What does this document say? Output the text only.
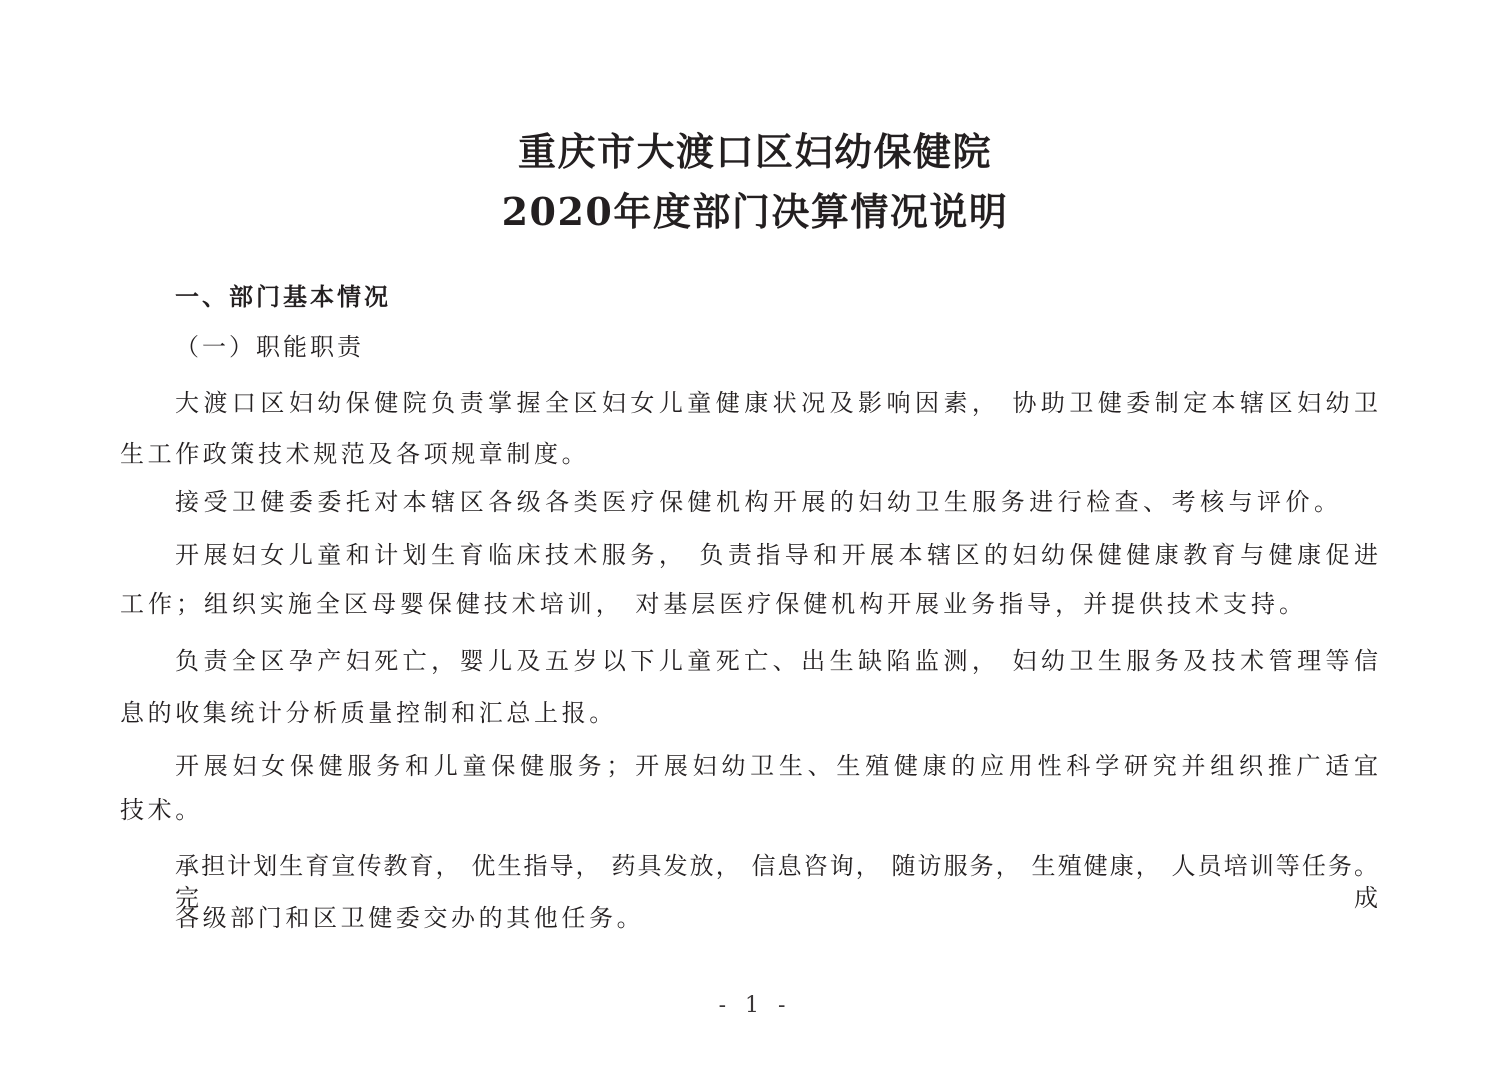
重庆市大渡口区妇幼保健院
2020年度部门决算情况说明
一、部门基本情况
（一）职能职责
大渡口区妇幼保健院负责掌握全区妇女儿童健康状况及影响因素， 协助卫健委制定本辖区妇幼卫
生工作政策技术规范及各项规章制度。
接受卫健委委托对本辖区各级各类医疗保健机构开展的妇幼卫生服务进行检查、考核与评价。
开展妇女儿童和计划生育临床技术服务， 负责指导和开展本辖区的妇幼保健健康教育与健康促进
工作；组织实施全区母婴保健技术培训， 对基层医疗保健机构开展业务指导，并提供技术支持。
负责全区孕产妇死亡，婴儿及五岁以下儿童死亡、出生缺陷监测， 妇幼卫生服务及技术管理等信
息的收集统计分析质量控制和汇总上报。
开展妇女保健服务和儿童保健服务；开展妇幼卫生、生殖健康的应用性科学研究并组织推广适宜
技术。
承担计划生育宣传教育， 优生指导， 药具发放， 信息咨询， 随访服务， 生殖健康， 人员培训等任务。完 成
各级部门和区卫健委交办的其他任务。
- 1 -
